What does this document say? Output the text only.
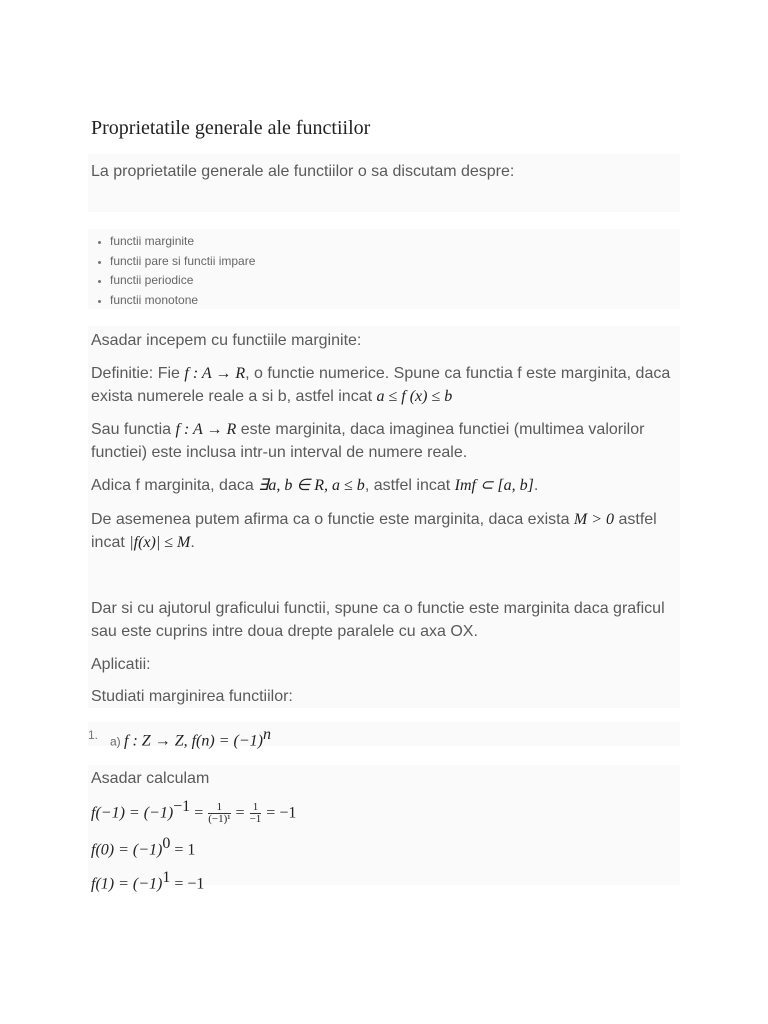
Proprietatile generale ale functiilor

La proprietatile generale ale functiilor o sa discutam despre:

• functii marginite
• functii pare si functii impare
• functii periodice
• functii monotone

Asadar incepem cu functiile marginite:

Definitie: Fie f : A → R, o functie numerice. Spune ca functia f este marginita, daca exista numerele reale a si b, astfel incat a ≤ f (x) ≤ b

Sau functia f : A → R este marginita, daca imaginea functiei (multimea valorilor functiei) este inclusa intr-un interval de numere reale.

Adica f marginita, daca ∃a, b ∈ R, a ≤ b, astfel incat Imf ⊂ [a, b].

De asemenea putem afirma ca o functie este marginita, daca exista M > 0 astfel incat |f(x)| ≤ M.

Dar si cu ajutorul graficului functii, spune ca o functie este marginita daca graficul sau este cuprins intre doua drepte paralele cu axa OX.

Aplicatii:

Studiati marginirea functiilor:

1. a) f : Z → Z, $f(n) = (-1)^n$

Asadar calculam

$f(-1) = (-1)^{-1} = \frac{1}{\text{(−1)¹}} = \frac{1}{-1} = -1$

$f(0) = (-1)^0 = 1$

$f(1) = (-1)^1 = -1$
